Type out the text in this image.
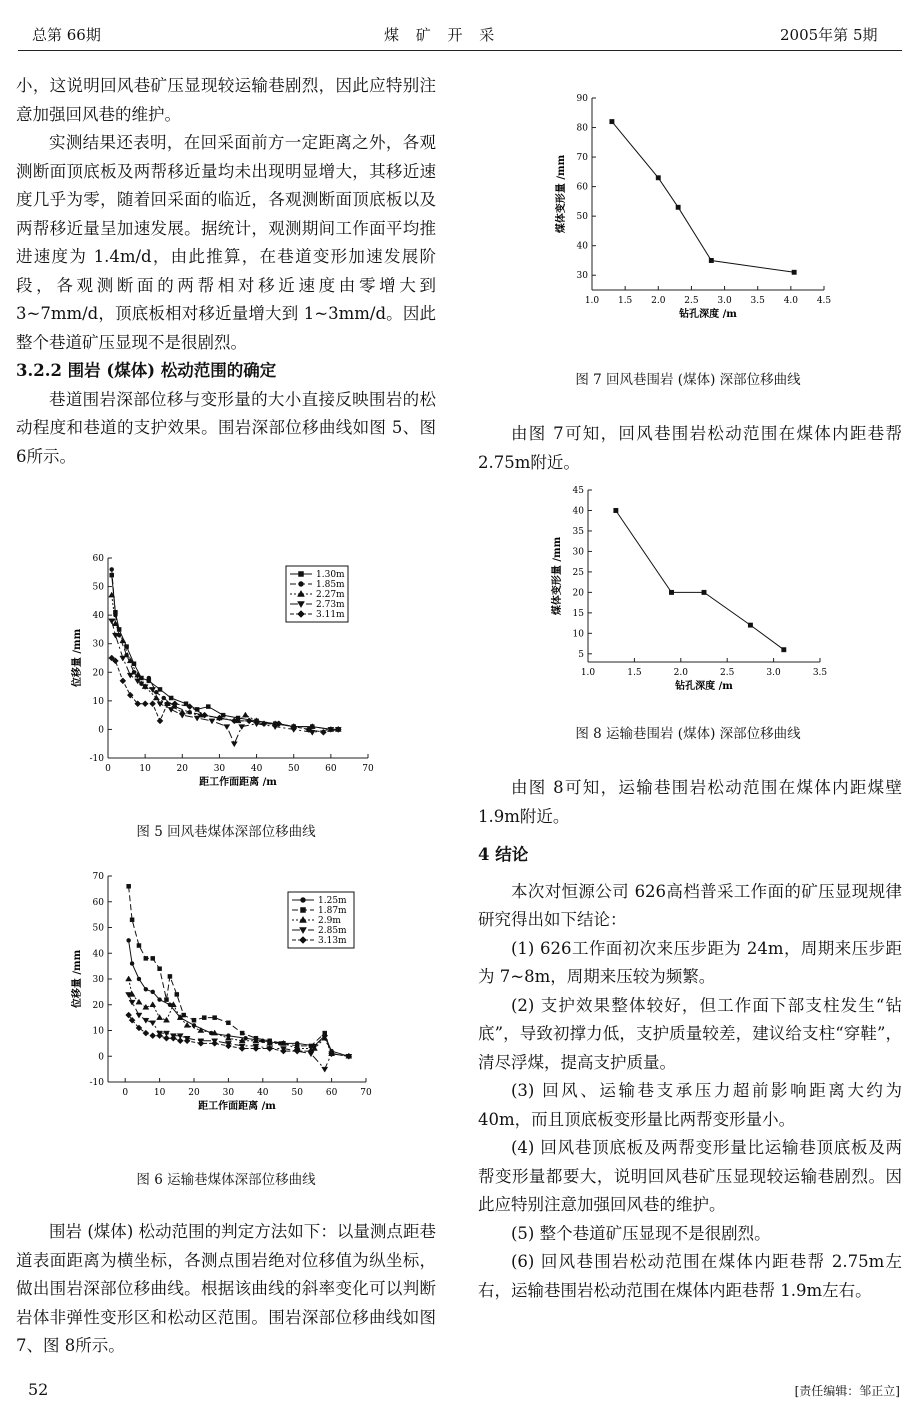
总第 66期	煤 矿 开 采	2005年第 5期

小，这说明回风巷矿压显现较运输巷剧烈，因此应特别注意加强回风巷的维护。

实测结果还表明，在回采面前方一定距离之外，各观测断面顶底板及两帮移近量均未出现明显增大，其移近速度几乎为零，随着回采面的临近，各观测断面顶底板以及两帮移近量呈加速发展。据统计，观测期间工作面平均推进速度为 1.4m/d，由此推算，在巷道变形加速发展阶段，各观测断面的两帮相对移近速度由零增大到 3~7mm/d，顶底板相对移近量增大到 1~3mm/d。因此整个巷道矿压显现不是很剧烈。

3.2.2 围岩 (煤体) 松动范围的确定

巷道围岩深部位移与变形量的大小直接反映围岩的松动程度和巷道的支护效果。围岩深部位移曲线如图 5、图 6所示。

0	10	20	30	40	50	60	70
-10
0
10
20
30
40
50
60
距工作面距离 /m
位移量 /mm
1.30m
1.85m
2.27m
2.73m
3.11m
图 5 回风巷煤体深部位移曲线
0	10	20	30	40	50	60	70
-10
0
10
20
30
40
50
60
70
距工作面距离 /m
位移量 /mm
1.25m
1.87m
2.9m
2.85m
3.13m
图 6 运输巷煤体深部位移曲线

围岩 (煤体) 松动范围的判定方法如下：以量测点距巷道表面距离为横坐标，各测点围岩绝对位移值为纵坐标，做出围岩深部位移曲线。根据该曲线的斜率变化可以判断岩体非弹性变形区和松动区范围。围岩深部位移曲线如图 7、图 8所示。

52
1.0 1.5 2.0 2.5 3.0 3.5 4.0 4.5
30
40
50
60
70
80
90
钻孔深度 /m
煤体变形量 /mm
图 7 回风巷围岩 (煤体) 深部位移曲线

由图 7可知，回风巷围岩松动范围在煤体内距巷帮 2.75m附近。

1.0	1.5	2.0	2.5	3.0	3.5
5
10
15
20
25
30
35
40
45
钻孔深度 /m
煤体变形量 /mm
图 8 运输巷围岩 (煤体) 深部位移曲线

由图 8可知，运输巷围岩松动范围在煤体内距煤壁 1.9m附近。

4 结论

本次对恒源公司 626高档普采工作面的矿压显现规律研究得出如下结论：

(1) 626工作面初次来压步距为 24m，周期来压步距为 7~8m，周期来压较为频繁。

(2) 支护效果整体较好，但工作面下部支柱发生“钻底”，导致初撑力低，支护质量较差，建议给支柱“穿鞋”，清尽浮煤，提高支护质量。

(3) 回风、运输巷支承压力超前影响距离大约为 40m，而且顶底板变形量比两帮变形量小。

(4) 回风巷顶底板及两帮变形量比运输巷顶底板及两帮变形量都要大，说明回风巷矿压显现较运输巷剧烈。因此应特别注意加强回风巷的维护。

(5) 整个巷道矿压显现不是很剧烈。

(6) 回风巷围岩松动范围在煤体内距巷帮 2.75m左右，运输巷围岩松动范围在煤体内距巷帮 1.9m左右。

[责任编辑：邹正立]
